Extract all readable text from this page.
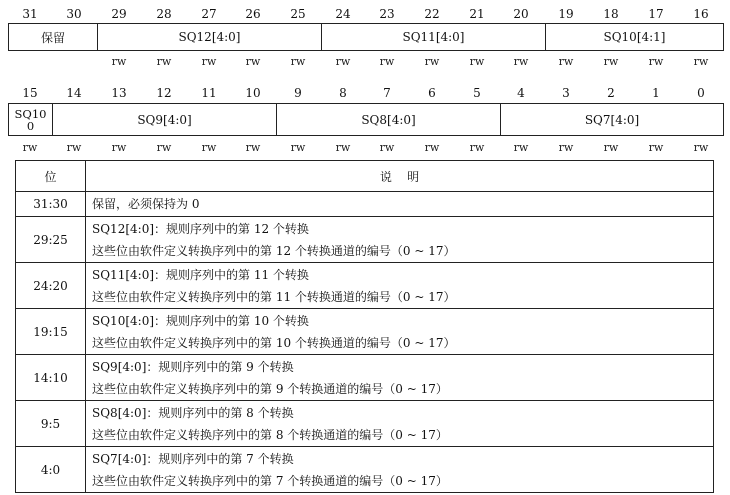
31	30	29	28	27	26	25	24	23	22	21	20	19	18	17	16
保留	SQ12[4:0]	SQ11[4:0]	SQ10[4:1]
rw	rw	rw	rw	rw	rw	rw	rw	rw	rw	rw	rw	rw	rw
15	14	13	12	11	10	9	8	7	6	5	4	3	2	1	0
SQ10 0	SQ9[4:0]	SQ8[4:0]	SQ7[4:0]
rw	rw	rw	rw	rw	rw	rw	rw	rw	rw	rw	rw	rw	rw	rw	rw
位	说    明
31:30	保留，必须保持为 0

29:25	SQ12[4:0]：规则序列中的第 12 个转换
这些位由软件定义转换序列中的第 12 个转换通道的编号（0 ~ 17）

24:20	SQ11[4:0]：规则序列中的第 11 个转换
这些位由软件定义转换序列中的第 11 个转换通道的编号（0 ~ 17）

19:15	SQ10[4:0]：规则序列中的第 10 个转换
这些位由软件定义转换序列中的第 10 个转换通道的编号（0 ~ 17）

14:10	SQ9[4:0]：规则序列中的第 9 个转换
这些位由软件定义转换序列中的第 9 个转换通道的编号（0 ~ 17）

9:5	SQ8[4:0]：规则序列中的第 8 个转换
这些位由软件定义转换序列中的第 8 个转换通道的编号（0 ~ 17）

4:0	SQ7[4:0]：规则序列中的第 7 个转换
这些位由软件定义转换序列中的第 7 个转换通道的编号（0 ~ 17）
